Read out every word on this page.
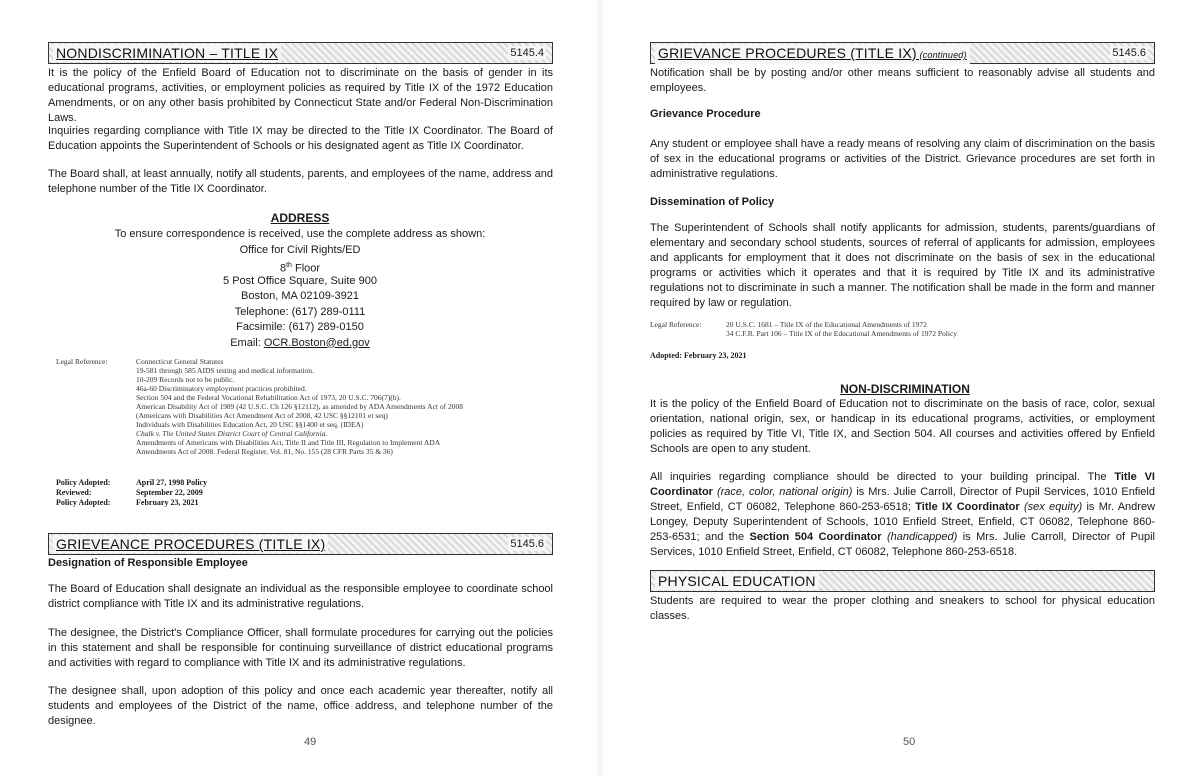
NONDISCRIMINATION – TITLE IX	5145.4
It is the policy of the Enfield Board of Education not to discriminate on the basis of gender in its educational programs, activities, or employment policies as required by Title IX of the 1972 Education Amendments, or on any other basis prohibited by Connecticut State and/or Federal Non-Discrimination Laws.
Inquiries regarding compliance with Title IX may be directed to the Title IX Coordinator. The Board of Education appoints the Superintendent of Schools or his designated agent as Title IX Coordinator.
The Board shall, at least annually, notify all students, parents, and employees of the name, address and telephone number of the Title IX Coordinator.
ADDRESS
To ensure correspondence is received, use the complete address as shown:
Office for Civil Rights/ED
8th Floor
5 Post Office Square, Suite 900
Boston, MA 02109-3921
Telephone: (617) 289-0111
Facsimile: (617) 289-0150
Email: OCR.Boston@ed.gov
Legal Reference:	Connecticut General Statutes
19-581 through 585 AIDS testing and medical information.
10-209 Records not to be public.
46a-60 Discriminatory employment practices prohibited.
Section 504 and the Federal Vocational Rehabilitation Act of 1973, 20 U.S.C. 706(7)(b).
American Disability Act of 1989 (42 U.S.C. Ch 126 §12112), as amended by ADA Amendments Act of 2008
(Americans with Disabilities Act Amendment Act of 2008, 42 USC §§12101 et seq)
Individuals with Disabilities Education Act, 20 USC §§1400 et seq. (IDEA)
Chalk v. The United States District Court of Central California.
Amendments of Americans with Disabilities Act, Title II and Title III, Regulation to Implement ADA
Amendments Act of 2008. Federal Register, Vol. 81, No. 155 (28 CFR Parts 35 & 36)
Policy Adopted:	April 27, 1998 Policy
Reviewed:	September 22, 2009
Policy Adopted:	February 23, 2021
GRIEVEANCE PROCEDURES (TITLE IX)	5145.6
Designation of Responsible Employee
The Board of Education shall designate an individual as the responsible employee to coordinate school district compliance with Title IX and its administrative regulations.
The designee, the District's Compliance Officer, shall formulate procedures for carrying out the policies in this statement and shall be responsible for continuing surveillance of district educational programs and activities with regard to compliance with Title IX and its administrative regulations.
The designee shall, upon adoption of this policy and once each academic year thereafter, notify all students and employees of the District of the name, office address, and telephone number of the designee.
49
GRIEVANCE PROCEDURES (TITLE IX) (continued)	5145.6
Notification shall be by posting and/or other means sufficient to reasonably advise all students and employees.
Grievance Procedure
Any student or employee shall have a ready means of resolving any claim of discrimination on the basis of sex in the educational programs or activities of the District. Grievance procedures are set forth in administrative regulations.
Dissemination of Policy
The Superintendent of Schools shall notify applicants for admission, students, parents/guardians of elementary and secondary school students, sources of referral of applicants for admission, employees and applicants for employment that it does not discriminate on the basis of sex in the educational programs or activities which it operates and that it is required by Title IX and its administrative regulations not to discriminate in such a manner. The notification shall be made in the form and manner required by law or regulation.
Legal Reference:	20 U.S.C. 1681 – Title IX of the Educational Amendments of 1972
34 C.F.R. Part 106 – Title IX of the Educational Amendments of 1972 Policy
Adopted: February 23, 2021
NON-DISCRIMINATION
It is the policy of the Enfield Board of Education not to discriminate on the basis of race, color, sexual orientation, national origin, sex, or handicap in its educational programs, activities, or employment policies as required by Title VI, Title IX, and Section 504. All courses and activities offered by Enfield Schools are open to any student.
All inquiries regarding compliance should be directed to your building principal. The Title VI Coordinator (race, color, national origin) is Mrs. Julie Carroll, Director of Pupil Services, 1010 Enfield Street, Enfield, CT 06082, Telephone 860-253-6518; Title IX Coordinator (sex equity) is Mr. Andrew Longey, Deputy Superintendent of Schools, 1010 Enfield Street, Enfield, CT 06082, Telephone 860-253-6531; and the Section 504 Coordinator (handicapped) is Mrs. Julie Carroll, Director of Pupil Services, 1010 Enfield Street, Enfield, CT 06082, Telephone 860-253-6518.
PHYSICAL EDUCATION
Students are required to wear the proper clothing and sneakers to school for physical education classes.
50
